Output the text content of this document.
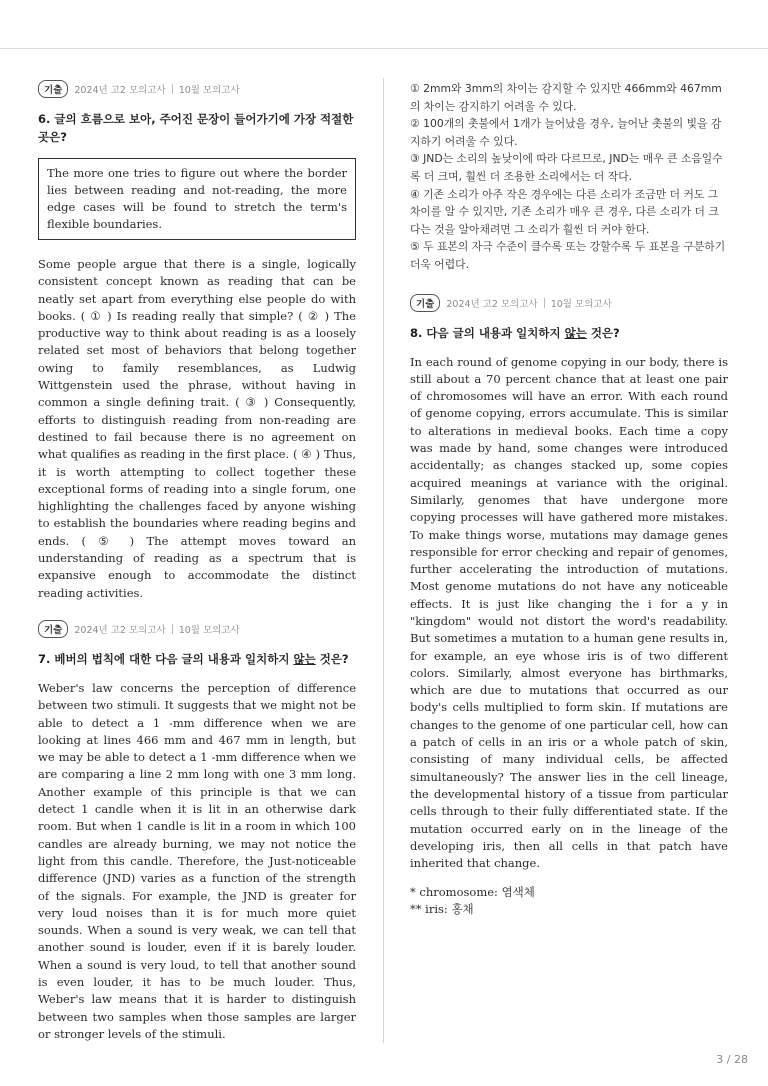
기출	2024년 고2 모의고사 10월 모의고사
6. 글의 흐름으로 보아, 주어진 문장이 들어가기에 가장 적절한 곳은?
The more one tries to figure out where the border lies between reading and not-reading, the more edge cases will be found to stretch the term's flexible boundaries.

Some people argue that there is a single, logically consistent concept known as reading that can be neatly set apart from everything else people do with books. ( ① ) Is reading really that simple? ( ② ) The productive way to think about reading is as a loosely related set most of behaviors that belong together owing to family resemblances, as Ludwig Wittgenstein used the phrase, without having in common a single defining trait. ( ③ ) Consequently, efforts to distinguish reading from non-reading are destined to fail because there is no agreement on what qualifies as reading in the first place. ( ④ ) Thus, it is worth attempting to collect together these exceptional forms of reading into a single forum, one highlighting the challenges faced by anyone wishing to establish the boundaries where reading begins and ends. ( ⑤ ) The attempt moves toward an understanding of reading as a spectrum that is expansive enough to accommodate the distinct reading activities.

기출	2024년 고2 모의고사 10월 모의고사
7. 베버의 법칙에 대한 다음 글의 내용과 일치하지 않는 것은?

Weber's law concerns the perception of difference between two stimuli. It suggests that we might not be able to detect a 1 -mm difference when we are looking at lines 466 mm and 467 mm in length, but we may be able to detect a 1 -mm difference when we are comparing a line 2 mm long with one 3 mm long. Another example of this principle is that we can detect 1 candle when it is lit in an otherwise dark room. But when 1 candle is lit in a room in which 100 candles are already burning, we may not notice the light from this candle. Therefore, the Just-noticeable difference (JND) varies as a function of the strength of the signals. For example, the JND is greater for very loud noises than it is for much more quiet sounds. When a sound is very weak, we can tell that another sound is louder, even if it is barely louder. When a sound is very loud, to tell that another sound is even louder, it has to be much louder. Thus, Weber's law means that it is harder to distinguish between two samples when those samples are larger or stronger levels of the stimuli.

① 2mm와 3mm의 차이는 감지할 수 있지만 466mm와 467mm의 차이는 감지하기 어려울 수 있다.

② 100개의 촛불에서 1개가 늘어났을 경우, 늘어난 촛불의 빛을 감지하기 어려울 수 있다.

③ JND는 소리의 높낮이에 따라 다르므로, JND는 매우 큰 소음일수록 더 크며, 훨씬 더 조용한 소리에서는 더 작다.

④ 기존 소리가 아주 작은 경우에는 다른 소리가 조금만 더 커도 그 차이를 알 수 있지만, 기존 소리가 매우 큰 경우, 다른 소리가 더 크다는 것을 알아채려면 그 소리가 훨씬 더 커야 한다.

⑤ 두 표본의 자극 수준이 클수록 또는 강할수록 두 표본을 구분하기 더욱 어렵다.

기출	2024년 고2 모의고사 10월 모의고사
8. 다음 글의 내용과 일치하지 않는 것은?

In each round of genome copying in our body, there is still about a 70 percent chance that at least one pair of chromosomes will have an error. With each round of genome copying, errors accumulate. This is similar to alterations in medieval books. Each time a copy was made by hand, some changes were introduced accidentally; as changes stacked up, some copies acquired meanings at variance with the original. Similarly, genomes that have undergone more copying processes will have gathered more mistakes. To make things worse, mutations may damage genes responsible for error checking and repair of genomes, further accelerating the introduction of mutations. Most genome mutations do not have any noticeable effects. It is just like changing the i for a y in "kingdom" would not distort the word's readability. But sometimes a mutation to a human gene results in, for example, an eye whose iris is of two different colors. Similarly, almost everyone has birthmarks, which are due to mutations that occurred as our body's cells multiplied to form skin. If mutations are changes to the genome of one particular cell, how can a patch of cells in an iris or a whole patch of skin, consisting of many individual cells, be affected simultaneously? The answer lies in the cell lineage, the developmental history of a tissue from particular cells through to their fully differentiated state. If the mutation occurred early on in the lineage of the developing iris, then all cells in that patch have inherited that change.

* chromosome: 염색체
** iris: 홍채
3 / 28
